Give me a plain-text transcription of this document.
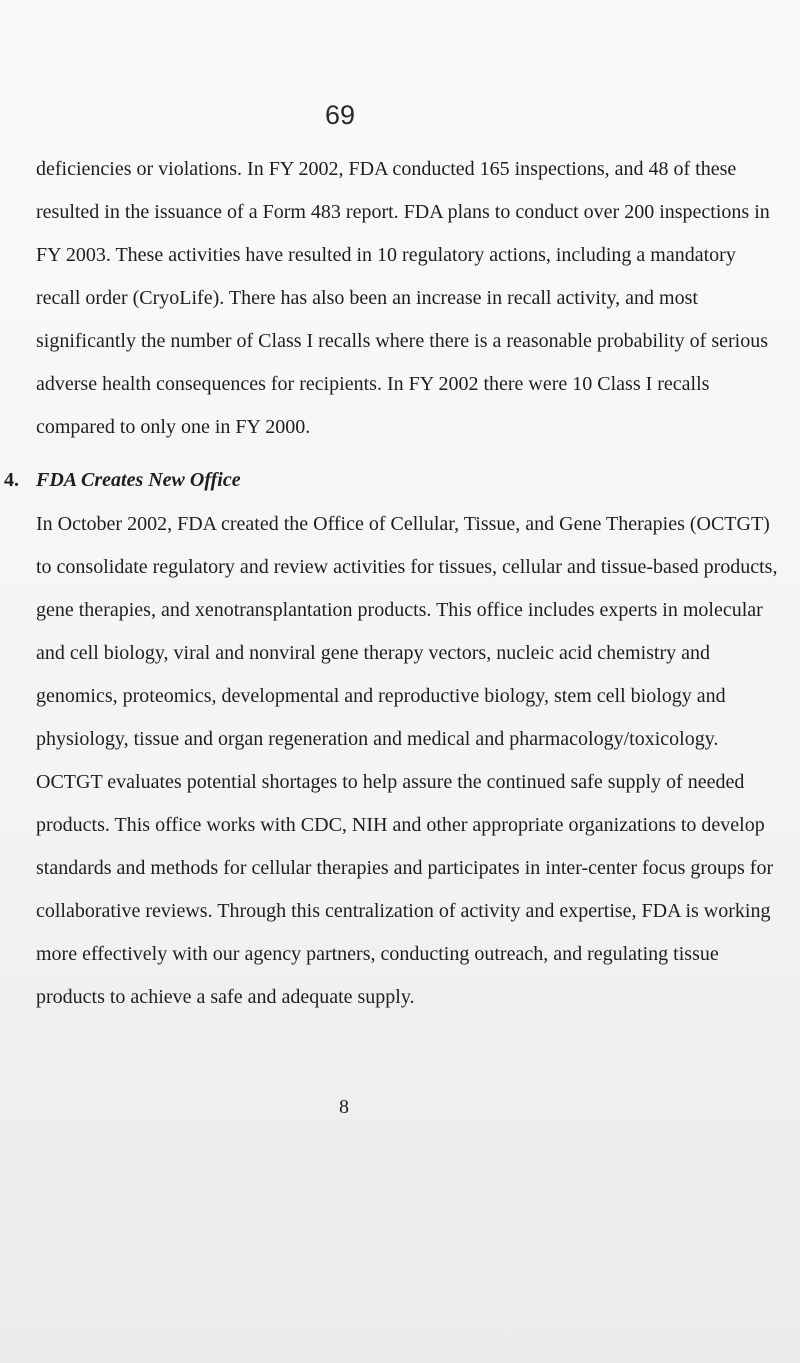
69
deficiencies or violations. In FY 2002, FDA conducted 165 inspections, and 48 of these
resulted in the issuance of a Form 483 report. FDA plans to conduct over 200 inspections in
FY 2003. These activities have resulted in 10 regulatory actions, including a mandatory
recall order (CryoLife). There has also been an increase in recall activity, and most
significantly the number of Class I recalls where there is a reasonable probability of serious
adverse health consequences for recipients. In FY 2002 there were 10 Class I recalls
compared to only one in FY 2000.
4. FDA Creates New Office
In October 2002, FDA created the Office of Cellular, Tissue, and Gene Therapies (OCTGT)
to consolidate regulatory and review activities for tissues, cellular and tissue-based products,
gene therapies, and xenotransplantation products. This office includes experts in molecular
and cell biology, viral and nonviral gene therapy vectors, nucleic acid chemistry and
genomics, proteomics, developmental and reproductive biology, stem cell biology and
physiology, tissue and organ regeneration and medical and pharmacology/toxicology.
OCTGT evaluates potential shortages to help assure the continued safe supply of needed
products. This office works with CDC, NIH and other appropriate organizations to develop
standards and methods for cellular therapies and participates in inter-center focus groups for
collaborative reviews. Through this centralization of activity and expertise, FDA is working
more effectively with our agency partners, conducting outreach, and regulating tissue
products to achieve a safe and adequate supply.
8
